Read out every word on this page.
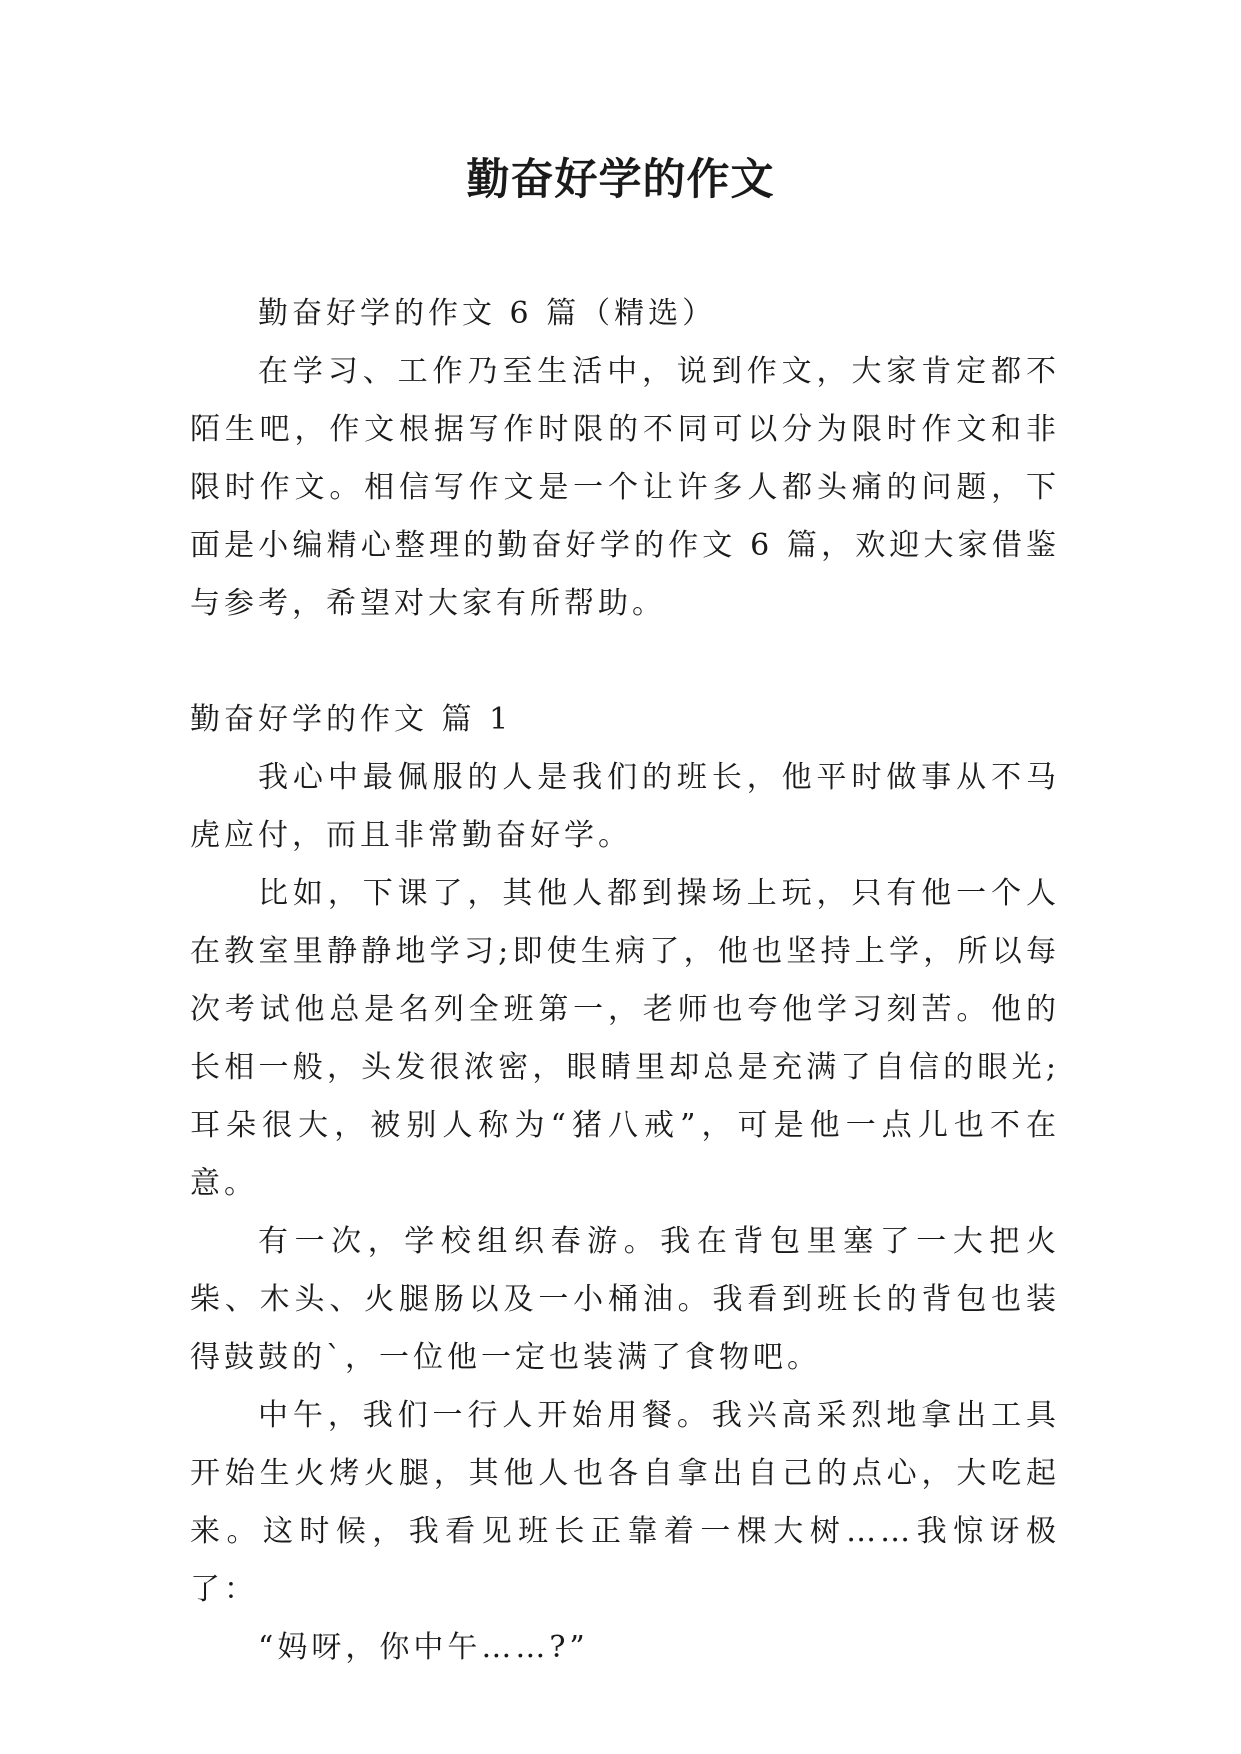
勤奋好学的作文

勤奋好学的作文 6 篇（精选）

在学习、工作乃至生活中，说到作文，大家肯定都不陌生吧，作文根据写作时限的不同可以分为限时作文和非限时作文。相信写作文是一个让许多人都头痛的问题，下面是小编精心整理的勤奋好学的作文 6 篇，欢迎大家借鉴与参考，希望对大家有所帮助。

勤奋好学的作文 篇 1

我心中最佩服的人是我们的班长，他平时做事从不马虎应付，而且非常勤奋好学。

比如，下课了，其他人都到操场上玩，只有他一个人在教室里静静地学习;即使生病了，他也坚持上学，所以每次考试他总是名列全班第一，老师也夸他学习刻苦。他的长相一般，头发很浓密，眼睛里却总是充满了自信的眼光;耳朵很大，被别人称为“猪八戒”，可是他一点儿也不在意。

有一次，学校组织春游。我在背包里塞了一大把火柴、木头、火腿肠以及一小桶油。我看到班长的背包也装得鼓鼓的`，一位他一定也装满了食物吧。

中午，我们一行人开始用餐。我兴高采烈地拿出工具开始生火烤火腿，其他人也各自拿出自己的点心，大吃起来。这时候，我看见班长正靠着一棵大树……我惊讶极了：

“妈呀，你中午……?”
